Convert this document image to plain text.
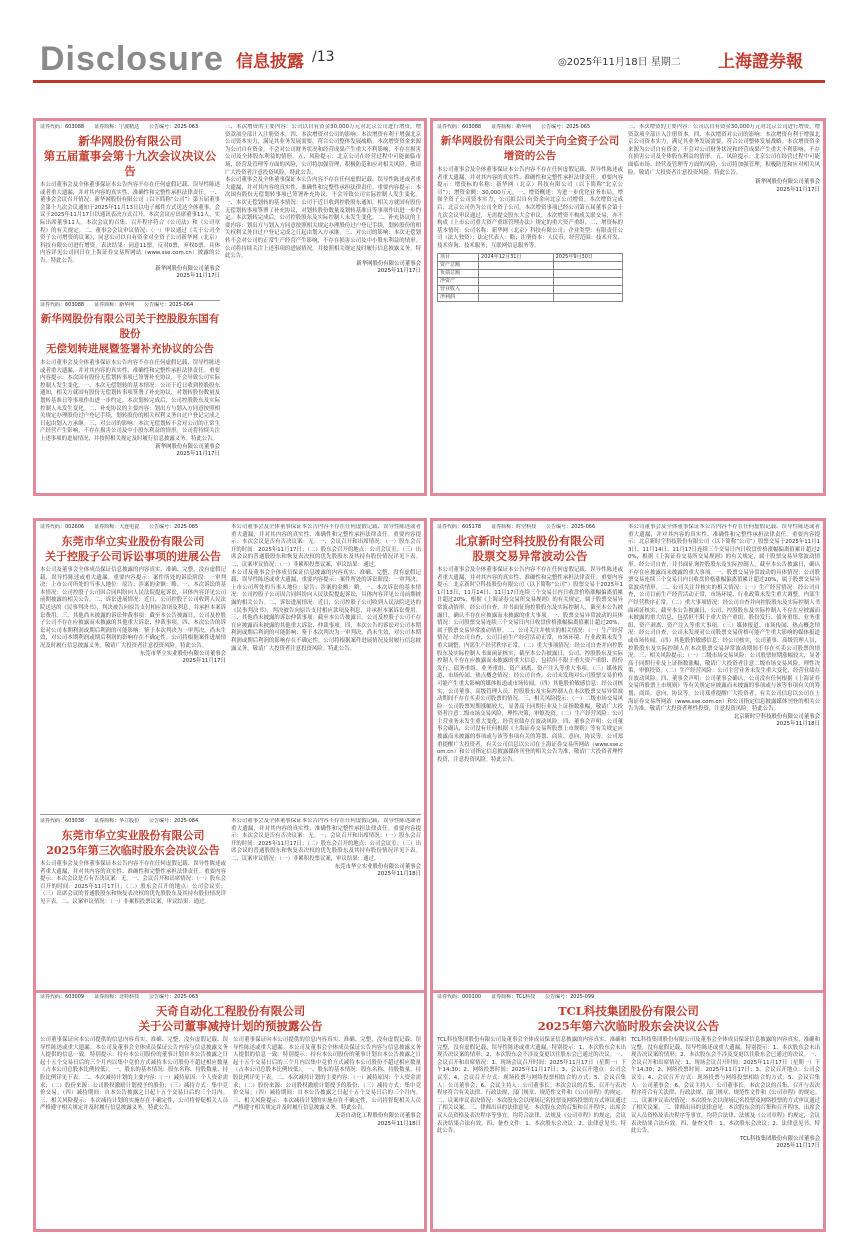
Disclosure 信息披露 /13	◎2025年11月18日 星期二 上海證券報
证券代码：603088　　证券简称：宁波精达　　公告编号：2025-063
新华网股份有限公司
第五届董事会第十九次会议决议公告
本公司董事会及全体董事保证本公告内容不存在任何虚假记载、误导性陈述或者重大遗漏，并对其内容的真实性、准确性和完整性承担法律责任。一、董事会会议召开情况：新华网股份有限公司（以下简称“公司”）第五届董事会第十九次会议通知于2025年11月13日以电子邮件方式送达全体董事，会议于2025年11月17日以通讯表决方式召开。本次会议应出席董事11人，实际出席董事11人。本次会议的召集、召开程序符合《公司法》和《公司章程》的有关规定。二、董事会会议审议情况：（一）审议通过《关于公司全资子公司增资的议案》，同意公司以自有资金对全资子公司新华网（北京）科技有限公司进行增资。表决结果：同意11票，反对0票，弃权0票。具体内容详见公司同日在上海证券交易所网站（www.sse.com.cn）披露的公告。特此公告。
新华网股份有限公司董事会
2025年11月17日
证券代码：603088　　证券简称：新华网　　公告编号：2025-064
新华网股份有限公司关于控股股东国有股份
无偿划转进展暨签署补充协议的公告
本公司董事会及全体董事保证本公告内容不存在任何虚假记载、误导性陈述或者重大遗漏，并对其内容的真实性、准确性和完整性承担法律责任。重要内容提示：本次国有股份无偿划转事项已签署补充协议，不会导致公司实际控制人发生变化。一、本次无偿划转的基本情况：公司于近日收到控股股东通知，相关方就国有股份无偿划转事项签署了补充协议，对划转股份数量及划转基准日等事项作出进一步约定。本次划转完成后，公司控股股东及实际控制人未发生变化。二、补充协议的主要内容：划出方与划入方同意按照相关规定办理股份过户登记手续，划转股份的相关权利义务自过户登记完成之日起由划入方承继。三、对公司的影响：本次无偿划转不会对公司的正常生产经营产生影响，不存在损害公司及中小股东利益的情形。公司将持续关注上述事项的进展情况，并按照相关规定及时履行信息披露义务。特此公告。
新华网股份有限公司董事会
2025年11月17日
三、本次增资的主要内容：公司以自有资金30,000万元对北京公司进行增资，增资款项全部计入注册资本。四、本次增资对公司的影响：本次增资有利于增强北京公司资本实力，满足其业务发展需要，符合公司整体发展战略。本次增资资金来源为公司自有资金，不会对公司财务状况和经营成果产生重大不利影响，不存在损害公司及全体股东利益的情形。五、风险提示：北京公司在经营过程中可能面临市场、经营及管理等方面的风险，公司将加强管理，积极防范和应对相关风险。敬请广大投资者注意投资风险。特此公告。
本公司董事会及全体董事保证本公告内容不存在任何虚假记载、误导性陈述或者重大遗漏，并对其内容的真实性、准确性和完整性承担法律责任。重要内容提示：本次国有股份无偿划转事项已签署补充协议，不会导致公司实际控制人发生变化。一、本次无偿划转的基本情况：公司于近日收到控股股东通知，相关方就国有股份无偿划转事项签署了补充协议，对划转股份数量及划转基准日等事项作出进一步约定。本次划转完成后，公司控股股东及实际控制人未发生变化。二、补充协议的主要内容：划出方与划入方同意按照相关规定办理股份过户登记手续，划转股份的相关权利义务自过户登记完成之日起由划入方承继。三、对公司的影响：本次无偿划转不会对公司的正常生产经营产生影响，不存在损害公司及中小股东利益的情形。公司将持续关注上述事项的进展情况，并按照相关规定及时履行信息披露义务。特此公告。
新华网股份有限公司董事会
2025年11月17日
证券代码：603088　　证券简称：新华网　　公告编号：2025-065
新华网股份有限公司关于向全资子公司增资的公告
本公司董事会及全体董事保证本公告内容不存在任何虚假记载、误导性陈述或者重大遗漏，并对其内容的真实性、准确性和完整性承担法律责任。重要内容提示：增资标的名称：新华网（北京）科技有限公司（以下简称“北京公司”）；增资金额：30,000万元。一、增资概述：为进一步优化业务布局，增强全资子公司资本实力，公司拟以自有资金向北京公司增资。本次增资完成后，北京公司仍为公司全资子公司。本次增资事项已经公司第五届董事会第十九次会议审议通过，无需提交股东大会审议。本次增资不构成关联交易，亦不构成《上市公司重大资产重组管理办法》规定的重大资产重组。二、增资标的基本情况：公司名称：新华网（北京）科技有限公司；企业类型：有限责任公司（法人独资）；法定代表人：略；注册资本：人民币；经营范围：技术开发、技术咨询、技术服务；互联网信息服务等。
项目	2024年12月31日	2025年9月30日
资产总额		
负债总额		
净资产		
营业收入		
净利润		
三、本次增资的主要内容：公司以自有资金30,000万元对北京公司进行增资，增资款项全部计入注册资本。四、本次增资对公司的影响：本次增资有利于增强北京公司资本实力，满足其业务发展需要，符合公司整体发展战略。本次增资资金来源为公司自有资金，不会对公司财务状况和经营成果产生重大不利影响，不存在损害公司及全体股东利益的情形。五、风险提示：北京公司在经营过程中可能面临市场、经营及管理等方面的风险，公司将加强管理，积极防范和应对相关风险。敬请广大投资者注意投资风险。特此公告。
新华网股份有限公司董事会
2025年11月17日
证券代码：002606　　证券简称：大连电瓷　　公告编号：2025-085
东莞市华立实业股份有限公司
关于控股子公司诉讼事项的进展公告
本公司及董事会全体成员保证信息披露的内容真实、准确、完整，没有虚假记载、误导性陈述或重大遗漏。重要内容提示：案件所处的诉讼阶段：一审判决；上市公司所处的当事人地位：原告；涉案的金额：略。一、本次诉讼的基本情况：公司控股子公司因合同纠纷向人民法院提起诉讼，具体内容详见公司前期披露的相关公告。二、诉讼进展情况：近日，公司控股子公司收到人民法院送达的《民事判决书》，判决被告向原告支付相应款项及利息，并承担本案诉讼费用。三、其他尚未披露的诉讼仲裁事项：截至本公告披露日，公司及控股子公司不存在应披露而未披露的其他重大诉讼、仲裁事项。四、本次公告的诉讼对公司本期利润或期后利润的可能影响：鉴于本次判决为一审判决，尚未生效，对公司本期利润或期后利润的影响存在不确定性。公司将根据案件进展情况及时履行信息披露义务，敬请广大投资者注意投资风险。特此公告。
东莞市华立实业股份有限公司董事会
2025年11月17日
本公司董事会及全体董事保证本公告内容不存在任何虚假记载、误导性陈述或者重大遗漏，并对其内容的真实性、准确性和完整性承担法律责任。重要内容提示：本次会议是否有否决议案：无。一、会议召开和出席情况：（一）股东会召开的时间：2025年11月17日；（二）股东会召开的地点：公司会议室；（三）出席会议的普通股股东和恢复表决权的优先股股东及其持有股份情况详见下表。二、议案审议情况：（一）非累积投票议案，审议结果：通过。
本公司及董事会全体成员保证信息披露的内容真实、准确、完整，没有虚假记载、误导性陈述或重大遗漏。重要内容提示：案件所处的诉讼阶段：一审判决；上市公司所处的当事人地位：原告；涉案的金额：略。一、本次诉讼的基本情况：公司控股子公司因合同纠纷向人民法院提起诉讼，具体内容详见公司前期披露的相关公告。二、诉讼进展情况：近日，公司控股子公司收到人民法院送达的《民事判决书》，判决被告向原告支付相应款项及利息，并承担本案诉讼费用。三、其他尚未披露的诉讼仲裁事项：截至本公告披露日，公司及控股子公司不存在应披露而未披露的其他重大诉讼、仲裁事项。四、本次公告的诉讼对公司本期利润或期后利润的可能影响：鉴于本次判决为一审判决，尚未生效，对公司本期利润或期后利润的影响存在不确定性。公司将根据案件进展情况及时履行信息披露义务，敬请广大投资者注意投资风险。特此公告。
证券代码：603038　　证券简称：华立股份　　公告编号：2025-084
东莞市华立实业股份有限公司
2025年第三次临时股东会决议公告
本公司董事会及全体董事保证本公告内容不存在任何虚假记载、误导性陈述或者重大遗漏，并对其内容的真实性、准确性和完整性承担法律责任。重要内容提示：本次会议是否有否决议案：无。一、会议召开和出席情况：（一）股东会召开的时间：2025年11月17日；（二）股东会召开的地点：公司会议室；（三）出席会议的普通股股东和恢复表决权的优先股股东及其持有股份情况详见下表。二、议案审议情况：（一）非累积投票议案，审议结果：通过。
本公司董事会及全体董事保证本公告内容不存在任何虚假记载、误导性陈述或者重大遗漏，并对其内容的真实性、准确性和完整性承担法律责任。重要内容提示：本次会议是否有否决议案：无。一、会议召开和出席情况：（一）股东会召开的时间：2025年11月17日；（二）股东会召开的地点：公司会议室；（三）出席会议的普通股股东和恢复表决权的优先股股东及其持有股份情况详见下表。二、议案审议情况：（一）非累积投票议案，审议结果：通过。
东莞市华立实业股份有限公司董事会
2025年11月18日
证券代码：605178　　证券简称：时空科技　　公告编号：2025-066
北京新时空科技股份有限公司
股票交易异常波动公告
本公司董事会及全体董事保证本公告内容不存在任何虚假记载、误导性陈述或者重大遗漏，并对其内容的真实性、准确性和完整性承担法律责任。重要内容提示：北京新时空科技股份有限公司（以下简称“公司”）股票交易于2025年11月13日、11月14日、11月17日连续三个交易日内日收盘价格涨幅偏离值累计超过20%，根据《上海证券交易所交易规则》的有关规定，属于股票交易异常波动情形。经公司自查，并书面征询控股股东及实际控制人，截至本公告披露日，确认不存在应披露而未披露的重大事项。一、股票交易异常波动的具体情况：公司股票交易连续三个交易日内日收盘价格涨幅偏离值累计超过20%，属于股票交易异常波动情形。二、公司关注并核实的相关情况：（一）生产经营情况：经公司自查，公司目前生产经营活动正常，市场环境、行业政策未发生重大调整，内部生产经营秩序正常。（二）重大事项情况：经公司自查并向控股股东及实际控制人书面函证核实，截至本公告披露日，公司、控股股东及实际控制人不存在应披露而未披露的重大信息，包括但不限于重大资产重组、股份发行、债务重组、业务重组、资产剥离、资产注入等重大事项。（三）媒体报道、市场传闻、热点概念情况：经公司自查，公司未发现对公司股票交易价格可能产生重大影响的媒体报道或市场传闻。（四）其他股价敏感信息：经公司核实，公司董事、高级管理人员、控股股东及实际控制人在本次股票交易异常波动期间不存在买卖公司股票的情况。三、相关风险提示：（一）二级市场交易风险：公司股票短期涨幅较大，显著高于同期行业及上证指数涨幅，敬请广大投资者注意二级市场交易风险，理性决策，审慎投资。（二）生产经营风险：公司主营业务未发生重大变化，经营业绩存在波动风险。四、董事会声明：公司董事会确认，公司没有任何根据《上海证券交易所股票上市规则》等有关规定应披露而未披露的事项或与该等事项有关的筹划、商谈、意向、协议等。公司郑重提醒广大投资者，有关公司信息以公司在上海证券交易所网站（www.sse.com.cn）和公司指定信息披露媒体刊登的相关公告为准，敬请广大投资者理性投资，注意投资风险。特此公告。
本公司董事会及全体董事保证本公告内容不存在任何虚假记载、误导性陈述或者重大遗漏，并对其内容的真实性、准确性和完整性承担法律责任。重要内容提示：北京新时空科技股份有限公司（以下简称“公司”）股票交易于2025年11月13日、11月14日、11月17日连续三个交易日内日收盘价格涨幅偏离值累计超过20%，根据《上海证券交易所交易规则》的有关规定，属于股票交易异常波动情形。经公司自查，并书面征询控股股东及实际控制人，截至本公告披露日，确认不存在应披露而未披露的重大事项。一、股票交易异常波动的具体情况：公司股票交易连续三个交易日内日收盘价格涨幅偏离值累计超过20%，属于股票交易异常波动情形。二、公司关注并核实的相关情况：（一）生产经营情况：经公司自查，公司目前生产经营活动正常，市场环境、行业政策未发生重大调整，内部生产经营秩序正常。（二）重大事项情况：经公司自查并向控股股东及实际控制人书面函证核实，截至本公告披露日，公司、控股股东及实际控制人不存在应披露而未披露的重大信息，包括但不限于重大资产重组、股份发行、债务重组、业务重组、资产剥离、资产注入等重大事项。（三）媒体报道、市场传闻、热点概念情况：经公司自查，公司未发现对公司股票交易价格可能产生重大影响的媒体报道或市场传闻。（四）其他股价敏感信息：经公司核实，公司董事、高级管理人员、控股股东及实际控制人在本次股票交易异常波动期间不存在买卖公司股票的情况。三、相关风险提示：（一）二级市场交易风险：公司股票短期涨幅较大，显著高于同期行业及上证指数涨幅，敬请广大投资者注意二级市场交易风险，理性决策，审慎投资。（二）生产经营风险：公司主营业务未发生重大变化，经营业绩存在波动风险。四、董事会声明：公司董事会确认，公司没有任何根据《上海证券交易所股票上市规则》等有关规定应披露而未披露的事项或与该等事项有关的筹划、商谈、意向、协议等。公司郑重提醒广大投资者，有关公司信息以公司在上海证券交易所网站（www.sse.com.cn）和公司指定信息披露媒体刊登的相关公告为准，敬请广大投资者理性投资，注意投资风险。特此公告。
北京新时空科技股份有限公司董事会
2025年11月18日
证券代码：603009　　证券简称：北特科技　　公告编号：2025-063
天奇自动化工程股份有限公司
关于公司董事减持计划的预披露公告
公司董事保证向本公司提供的信息内容真实、准确、完整，没有虚假记载、误导性陈述或重大遗漏。本公司及董事会全体成员保证公告内容与信息披露义务人提供的信息一致。特别提示：持有本公司股份的董事计划自本公告披露之日起十五个交易日后的三个月内以集中竞价方式减持本公司股份不超过相应数量（占本公司总股本比例较低）。一、股东的基本情况：股东名称、持股数量、持股比例详见下表。二、本次减持计划的主要内容：（一）减持原因：个人资金需求；（二）股份来源：公司股权激励计划授予的股份；（三）减持方式：集中竞价交易；（四）减持期间：自本公告披露之日起十五个交易日后的三个月内。三、相关风险提示：本次减持计划的实施存在不确定性，公司将督促相关人员严格遵守相关规定并及时履行信息披露义务。特此公告。
公司董事保证向本公司提供的信息内容真实、准确、完整，没有虚假记载、误导性陈述或重大遗漏。本公司及董事会全体成员保证公告内容与信息披露义务人提供的信息一致。特别提示：持有本公司股份的董事计划自本公告披露之日起十五个交易日后的三个月内以集中竞价方式减持本公司股份不超过相应数量（占本公司总股本比例较低）。一、股东的基本情况：股东名称、持股数量、持股比例详见下表。二、本次减持计划的主要内容：（一）减持原因：个人资金需求；（二）股份来源：公司股权激励计划授予的股份；（三）减持方式：集中竞价交易；（四）减持期间：自本公告披露之日起十五个交易日后的三个月内。三、相关风险提示：本次减持计划的实施存在不确定性，公司将督促相关人员严格遵守相关规定并及时履行信息披露义务。特此公告。
天奇自动化工程股份有限公司董事会
2025年11月18日
证券代码：000100　　证券简称：TCL科技　　公告编号：2025-099
TCL科技集团股份有限公司
2025年第六次临时股东会决议公告
TCL科技集团股份有限公司及董事会全体成员保证信息披露的内容真实、准确和完整，没有虚假记载、误导性陈述或重大遗漏。特别提示：1、本次股东会未出现否决议案的情形；2、本次股东会不涉及变更以往股东会已通过的决议。一、会议召开和出席情况：1、现场会议召开时间：2025年11月17日（星期一）下午14:30；2、网络投票时间：2025年11月17日；3、会议召开地点：公司会议室；4、会议召开方式：现场投票与网络投票相结合的方式；5、会议召集人：公司董事会；6、会议主持人：公司董事长。本次会议的召集、召开与表决程序符合有关法律、行政法规、部门规章、规范性文件和《公司章程》的规定。二、议案审议表决情况：本次股东会以现场记名投票及网络投票的方式审议通过了相关议案。三、律师出具的法律意见：本次股东会的召集和召开程序、出席会议人员资格及表决程序等事宜，均符合法律、法规及《公司章程》的规定，会议表决结果合法有效。四、备查文件：1、本次股东会决议；2、法律意见书。特此公告。
TCL科技集团股份有限公司及董事会全体成员保证信息披露的内容真实、准确和完整，没有虚假记载、误导性陈述或重大遗漏。特别提示：1、本次股东会未出现否决议案的情形；2、本次股东会不涉及变更以往股东会已通过的决议。一、会议召开和出席情况：1、现场会议召开时间：2025年11月17日（星期一）下午14:30；2、网络投票时间：2025年11月17日；3、会议召开地点：公司会议室；4、会议召开方式：现场投票与网络投票相结合的方式；5、会议召集人：公司董事会；6、会议主持人：公司董事长。本次会议的召集、召开与表决程序符合有关法律、行政法规、部门规章、规范性文件和《公司章程》的规定。二、议案审议表决情况：本次股东会以现场记名投票及网络投票的方式审议通过了相关议案。三、律师出具的法律意见：本次股东会的召集和召开程序、出席会议人员资格及表决程序等事宜，均符合法律、法规及《公司章程》的规定，会议表决结果合法有效。四、备查文件：1、本次股东会决议；2、法律意见书。特此公告。
TCL科技集团股份有限公司董事会
2025年11月17日
